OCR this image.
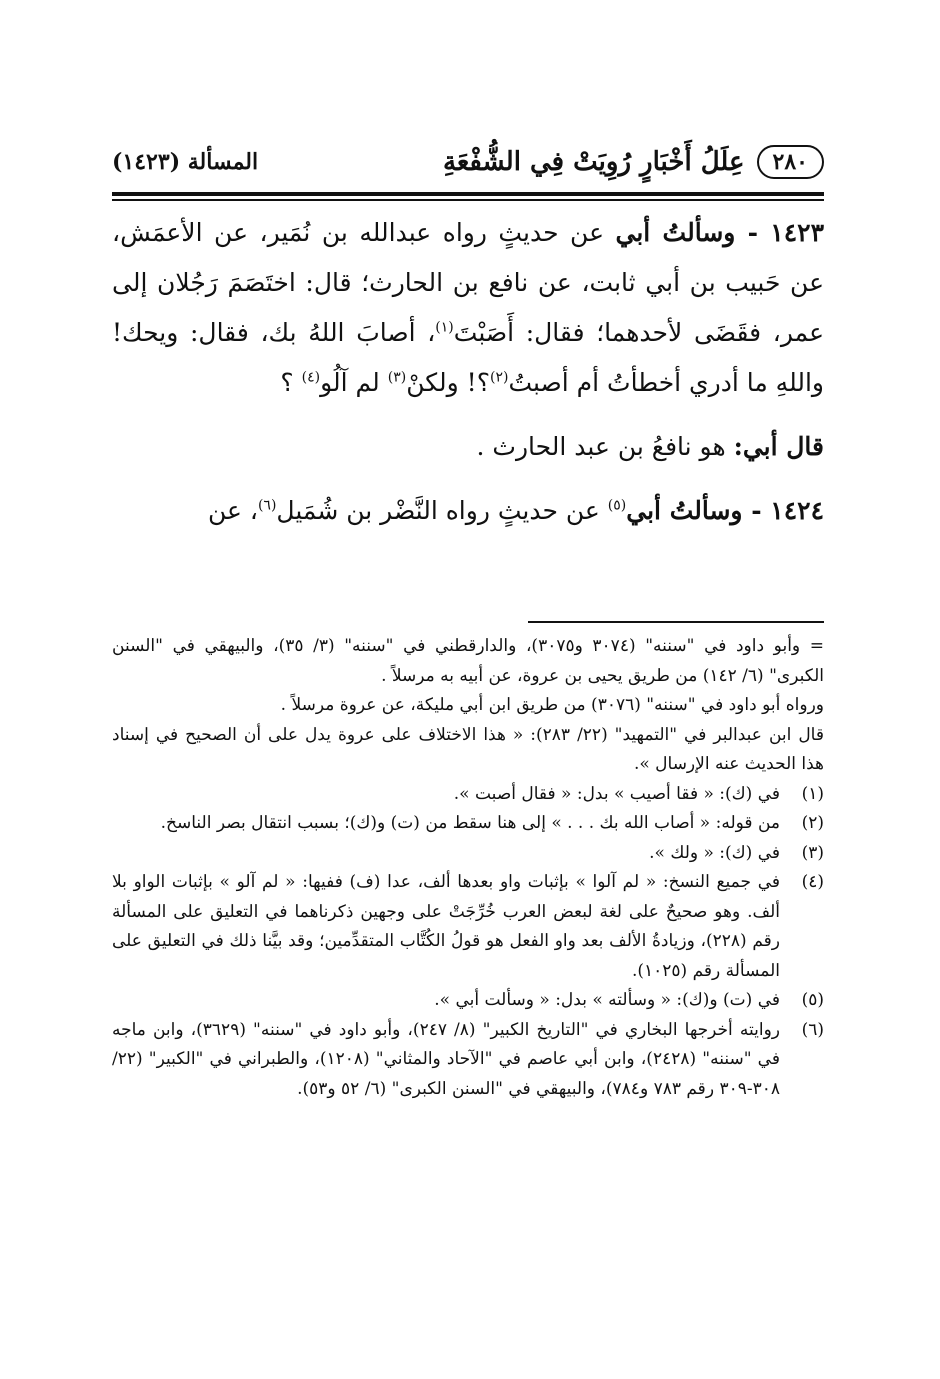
٢٨٠
عِلَلُ أَخْبَارٍ رُوِيَتْ فِي الشُّفْعَةِ
المسألة (١٤٢٣)

١٤٢٣ - وسألتُ أبي عن حديثٍ رواه عبدالله بن نُمَير، عن الأعمَش، عن حَبيب بن أبي ثابت، عن نافع بن الحارث؛ قال: اختَصَمَ رَجُلان إلى عمر، فقَضَى لأحدهما؛ فقال: أَصَبْتَ$^{(١)}$، أصابَ اللهُ بك، فقال: ويحك! واللهِ ما أدري أخطأتُ أم أصبتُ$^{(٢)}$؟! ولكنْ$^{(٣)}$ لم آلُو$^{(٤)}$ ؟

قال أبي: هو نافعُ بن عبد الحارث .

١٤٢٤ - وسألتُ أبي$^{(٥)}$ عن حديثٍ رواه النَّضْر بن شُمَيل$^{(٦)}$، عن

= وأبو داود في "سننه" (٣٠٧٤ و٣٠٧٥)، والدارقطني في "سننه" (٣/ ٣٥)، والبيهقي في "السنن الكبرى" (٦/ ١٤٢) من طريق يحيى بن عروة، عن أبيه به مرسلاً .

ورواه أبو داود في "سننه" (٣٠٧٦) من طريق ابن أبي مليكة، عن عروة مرسلاً .

قال ابن عبدالبر في "التمهيد" (٢٢/ ٢٨٣): « هذا الاختلاف على عروة يدل على أن الصحيح في إسناد هذا الحديث عنه الإرسال ».

(١)
في (ك): « فقا أصيب » بدل: « فقال أصبت ».
(٢)
من قوله: « أصاب الله بك . . . » إلى هنا سقط من (ت) و(ك)؛ بسبب انتقال بصر الناسخ.
(٣)
في (ك): « ولك ».
(٤)
في جميع النسخ: « لم آلوا » بإثبات واو بعدها ألف، عدا (ف) ففيها: « لم آلو » بإثبات الواو بلا ألف. وهو صحيحٌ على لغة لبعض العرب خُرِّجَتْ على وجهين ذكرناهما في التعليق على المسألة رقم (٢٢٨)، وزيادةُ الألف بعد واو الفعل هو قولُ الكُتَّاب المتقدِّمين؛ وقد بيَّنا ذلك في التعليق على المسألة رقم (١٠٢٥).
(٥)
في (ت) و(ك): « وسألته » بدل: « وسألت أبي ».
(٦)
روايته أخرجها البخاري في "التاريخ الكبير" (٨/ ٢٤٧)، وأبو داود في "سننه" (٣٦٢٩)، وابن ماجه في "سننه" (٢٤٢٨)، وابن أبي عاصم في "الآحاد والمثاني" (١٢٠٨)، والطبراني في "الكبير" (٢٢/ ٣٠٨-٣٠٩ رقم ٧٨٣ و٧٨٤)، والبيهقي في "السنن الكبرى" (٦/ ٥٢ و٥٣).
